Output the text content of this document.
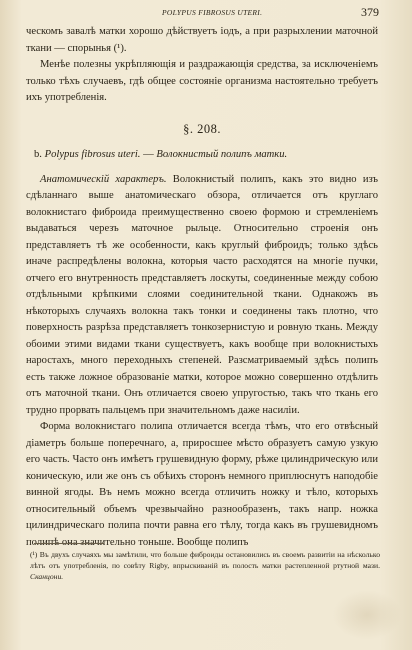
POLYPUS FIBROSUS UTERI.	379

ческомъ завалѣ матки хорошо дѣйствуетъ іодъ, а при разрыхлении маточной ткани — спорынья (¹).

Менѣе полезны укрѣпляющія и раздражающія средства, за исключеніемъ только тѣхъ случаевъ, гдѣ общее состояніе организма настоятельно требуетъ ихъ употребленія.

§. 208.
b. Polypus fibrosus uteri. — Волокнистый полипъ матки.

Анатомическій характеръ. Волокнистый полипъ, какъ это видно изъ сдѣланнаго выше анатомическаго обзора, отличается отъ круглаго волокнистаго фиброида преимущественно своею формою и стремленіемъ выдаваться черезъ маточное рыльце. Относительно строенія онъ представляетъ тѣ же особенности, какъ круглый фиброидъ; только здѣсь иначе распредѣлены волокна, которыя часто расходятся на многіе пучки, отчего его внутренность представляетъ лоскуты, соединенные между собою отдѣльными крѣпкими слоями соединительной ткани. Однакожъ въ нѣкоторыхъ случаяхъ волокна такъ тонки и соединены такъ плотно, что поверхность разрѣза представляетъ тонкозернистую и ровную ткань. Между обоими этими видами ткани существуетъ, какъ вообще при волокнистыхъ наростахъ, много переходныхъ степеней. Разсматриваемый здѣсь полипъ есть также ложное образованіе матки, которое можно совершенно отдѣлить отъ маточной ткани. Онъ отличается своею упругостью, такъ что ткань его трудно прорвать пальцемъ при значительномъ даже насиліи.

Форма волокнистаго полипа отличается всегда тѣмъ, что его отвѣсный діаметръ больше поперечнаго, а, приросшее мѣсто образуетъ самую узкую его часть. Часто онъ имѣетъ грушевидную форму, рѣже цилиндрическую или коническую, или же онъ съ обѣихъ сторонъ немного приплюснутъ наподобіе винной ягоды. Въ немъ можно всегда отличить ножку и тѣло, которыхъ относительный объемъ чрезвычайно разнообразенъ, такъ напр. ножка цилиндрическаго полипа почти равна его тѣлу, тогда какъ въ грушевидномъ полипѣ она значительно тоньше. Вообще полипъ

(¹) Въ двухъ случаяхъ мы замѣтили, что больше фиброиды остановились въ своемъ развитіи на нѣсколько лѣтъ отъ употребленія, по совѣту Rigby, впрыскиваній въ полость матки растепленной ртутной мази. Сканцони.
